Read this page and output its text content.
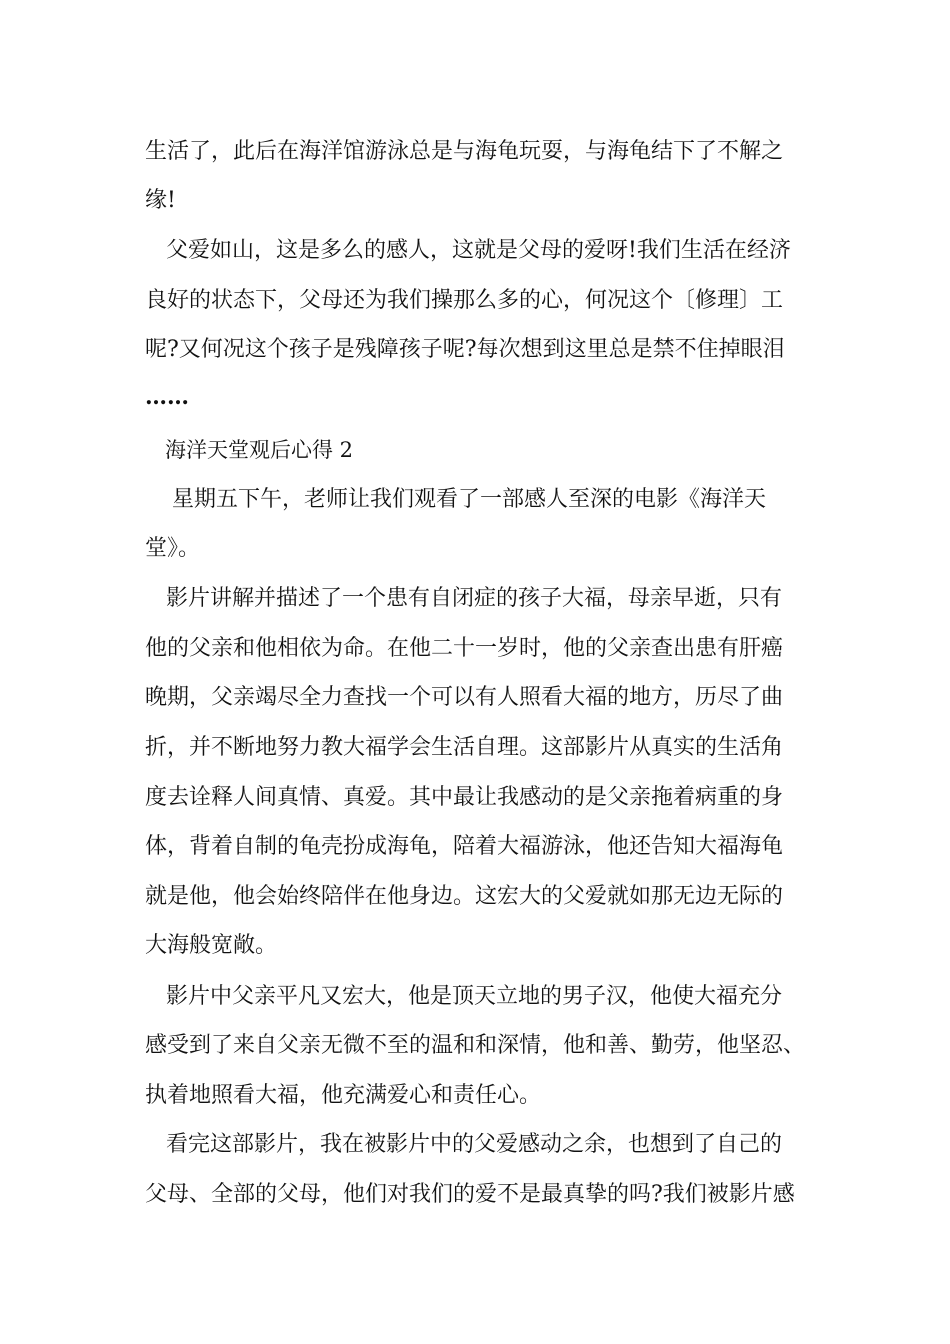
生活了，此后在海洋馆游泳总是与海龟玩耍，与海龟结下了不解之
缘!
父爱如山，这是多么的感人，这就是父母的爱呀!我们生活在经济
良好的状态下，父母还为我们操那么多的心，何况这个〔修理〕工
呢?又何况这个孩子是残障孩子呢?每次想到这里总是禁不住掉眼泪
……
海洋天堂观后心得 2
星期五下午，老师让我们观看了一部感人至深的电影《海洋天
堂》。
影片讲解并描述了一个患有自闭症的孩子大福，母亲早逝，只有
他的父亲和他相依为命。在他二十一岁时，他的父亲查出患有肝癌
晚期，父亲竭尽全力查找一个可以有人照看大福的地方，历尽了曲
折，并不断地努力教大福学会生活自理。这部影片从真实的生活角
度去诠释人间真情、真爱。其中最让我感动的是父亲拖着病重的身
体，背着自制的龟壳扮成海龟，陪着大福游泳，他还告知大福海龟
就是他，他会始终陪伴在他身边。这宏大的父爱就如那无边无际的
大海般宽敞。
影片中父亲平凡又宏大，他是顶天立地的男子汉，他使大福充分
感受到了来自父亲无微不至的温和和深情，他和善、勤劳，他坚忍、
执着地照看大福，他充满爱心和责任心。
看完这部影片，我在被影片中的父爱感动之余，也想到了自己的
父母、全部的父母，他们对我们的爱不是最真挚的吗?我们被影片感
